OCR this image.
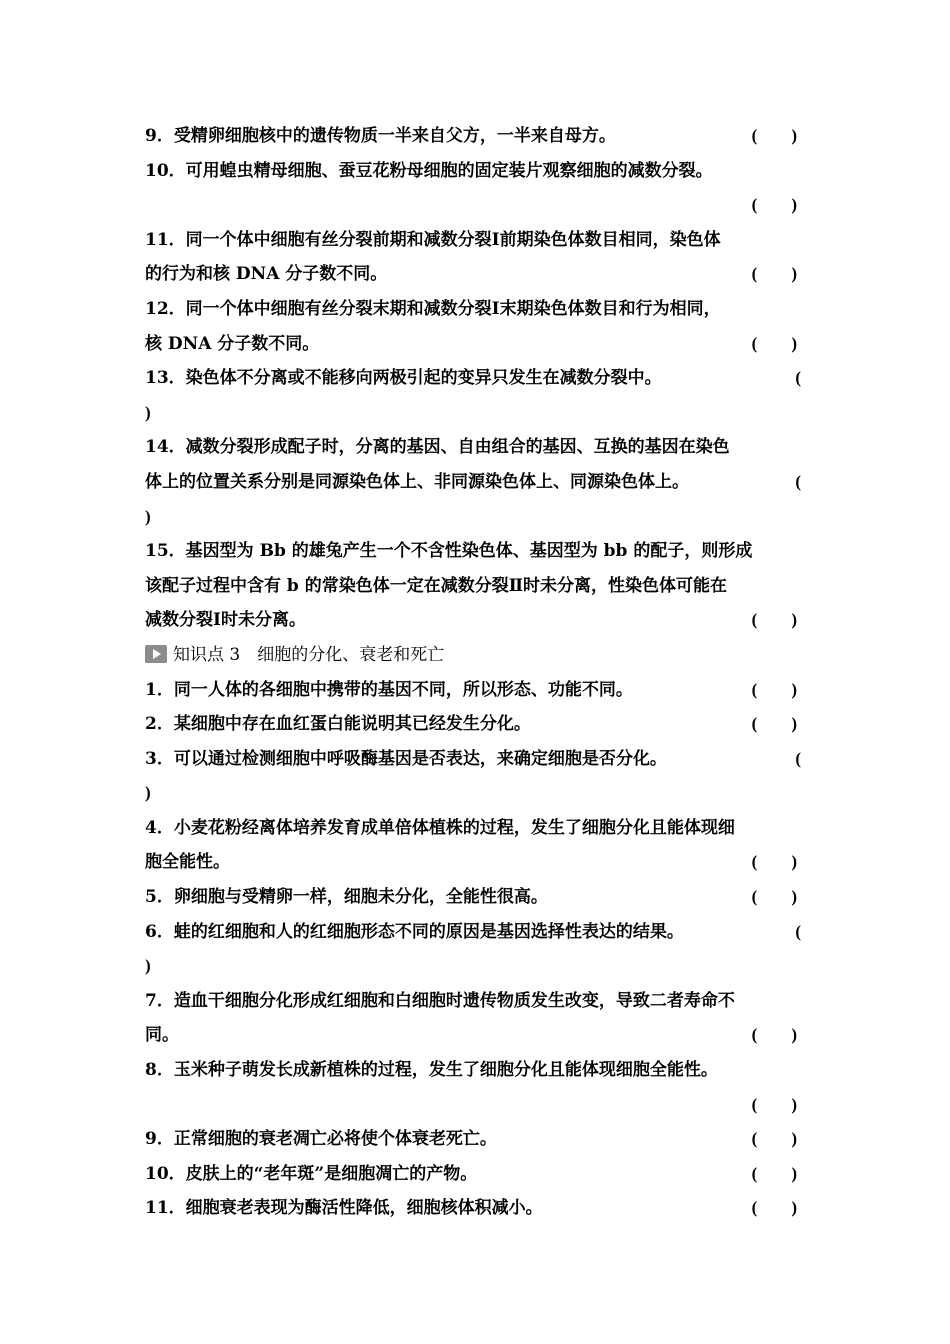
9．受精卵细胞核中的遗传物质一半来自父方，一半来自母方。	(　　)
10．可用蝗虫精母细胞、蚕豆花粉母细胞的固定装片观察细胞的减数分裂。
(　　)
11．同一个体中细胞有丝分裂前期和减数分裂Ⅰ前期染色体数目相同，染色体
的行为和核 DNA 分子数不同。	(　　)
12．同一个体中细胞有丝分裂末期和减数分裂Ⅰ末期染色体数目和行为相同，
核 DNA 分子数不同。	(　　)
13．染色体不分离或不能移向两极引起的变异只发生在减数分裂中。	(
)
14．减数分裂形成配子时，分离的基因、自由组合的基因、互换的基因在染色
体上的位置关系分别是同源染色体上、非同源染色体上、同源染色体上。	(
)
15．基因型为 Bb 的雄兔产生一个不含性染色体、基因型为 bb 的配子，则形成
该配子过程中含有 b 的常染色体一定在减数分裂Ⅱ时未分离，性染色体可能在
减数分裂Ⅰ时未分离。	(　　)
知识点 3　细胞的分化、衰老和死亡
1．同一人体的各细胞中携带的基因不同，所以形态、功能不同。	(　　)
2．某细胞中存在血红蛋白能说明其已经发生分化。	(　　)
3．可以通过检测细胞中呼吸酶基因是否表达，来确定细胞是否分化。	(
)
4．小麦花粉经离体培养发育成单倍体植株的过程，发生了细胞分化且能体现细
胞全能性。	(　　)
5．卵细胞与受精卵一样，细胞未分化，全能性很高。	(　　)
6．蛙的红细胞和人的红细胞形态不同的原因是基因选择性表达的结果。	(
)
7．造血干细胞分化形成红细胞和白细胞时遗传物质发生改变，导致二者寿命不
同。	(　　)
8．玉米种子萌发长成新植株的过程，发生了细胞分化且能体现细胞全能性。
(　　)
9．正常细胞的衰老凋亡必将使个体衰老死亡。	(　　)
10．皮肤上的“老年斑”是细胞凋亡的产物。	(　　)
11．细胞衰老表现为酶活性降低，细胞核体积减小。	(　　)
